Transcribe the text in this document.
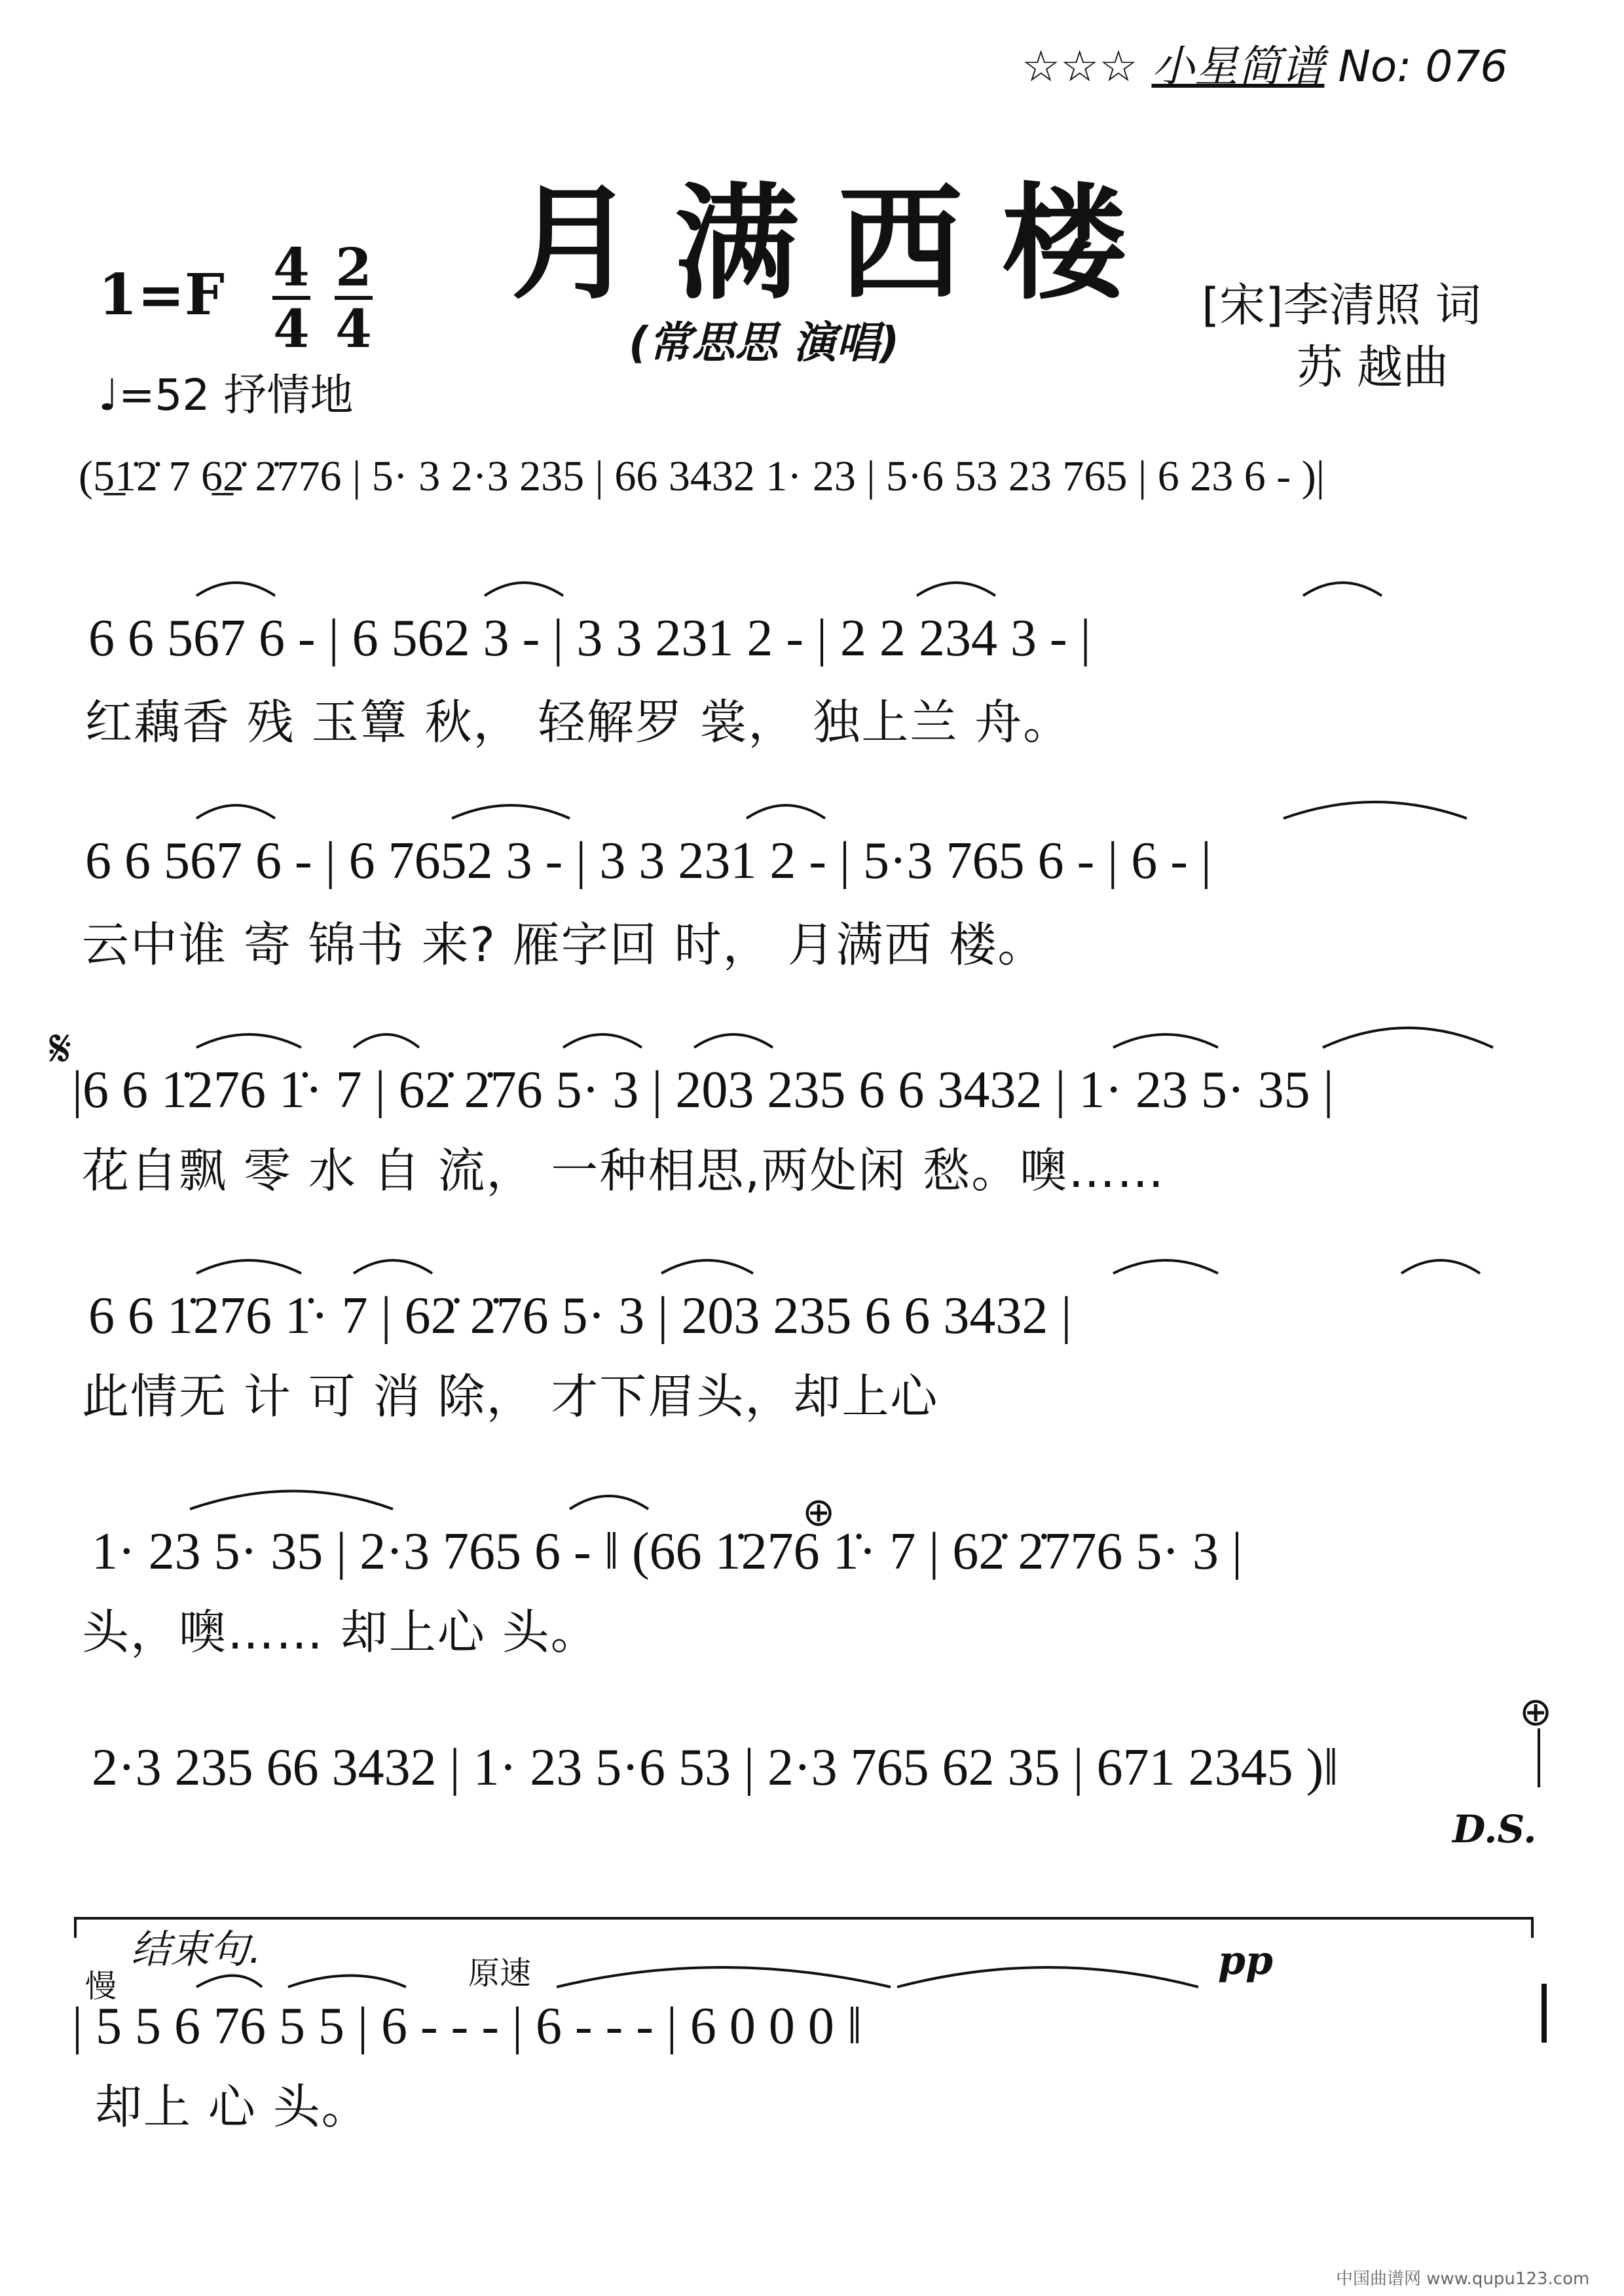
☆☆☆ 小星简谱 No: 076
月满西楼
(常思思 演唱)
1=F 4
4
2
4
♩=52 抒情地
[宋]李清照 词
苏 越曲
(5̲1̇2̇ 7 6̲2̇ 2̇776 | 5· 3 2·3 235 | 66 3432 1· 23 | 5·6 53 23 765 | 6 23 6 - )|
6 6 567 6 - | 6 562 3 - | 3 3 231 2 - | 2 2 234 3 - |
红藕香 残 玉簟 秋， 轻解罗 裳， 独上兰 舟。
6 6 567 6 - | 6 7652 3 - | 3 3 231 2 - | 5·3 765 6 - | 6 - |
云中谁 寄 锦书 来? 雁字回 时， 月满西 楼。
𝄋
|6 6 1̇276 1̇· 7 | 62̇ 2̇76 5· 3 | 203 235 6 6 3432 | 1· 23 5· 35 |
花自飘 零 水 自 流， 一种相思,两处闲 愁。噢……
6 6 1̇276 1̇· 7 | 62̇ 2̇76 5· 3 | 203 235 6 6 3432 |
此情无 计 可 消 除， 才下眉头，却上心
⊕
1· 23 5· 35 | 2·3 765 6 - ‖ (66 1̇276 1̇· 7 | 62̇ 2̇776 5· 3 |
头，噢…… 却上心 头。
⊕
2·3 235 66 3432 | 1· 23 5·6 53 | 2·3 765 62 35 | 671 2345 )‖
D.S.
结束句.
慢	原速	pp
| 5 5 6 76 5 5 | 6 - - - | 6 - - - | 6 0 0 0 ‖
却上 心 头。
中国曲谱网 www.qupu123.com
